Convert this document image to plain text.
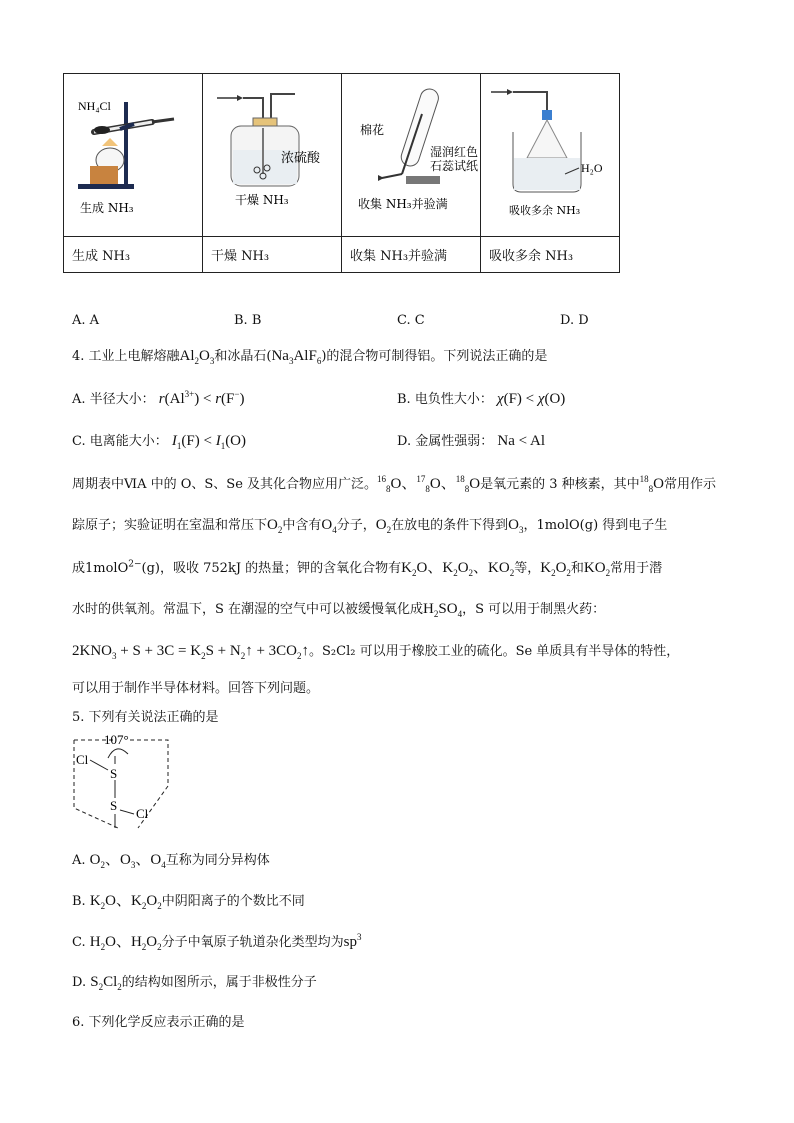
NH₄Cl
生成 NH₃	浓硫酸
干燥 NH₃	棉花
湿润红色
石蕊试纸
收集 NH₃并验满	H₂O
吸收多余 NH₃

生成 NH₃	干燥 NH₃	收集 NH₃并验满	吸收多余 NH₃
A. A	B. B	C. C	D. D
4. 工业上电解熔融$Al_2O_3$和冰晶石$(Na_3AlF_6)$的混合物可制得铝。下列说法正确的是
A. 半径大小： $r(Al^{3+}) < r(F^-)$	B. 电负性大小： χ(F) < χ(O)
C. 电离能大小： $I_1(F) < I_1(O)$	D. 金属性强弱： Na < Al
周期表中ⅥA 中的 O、S、Se 及其化合物应用广泛。$^{16}_8$O、$^{17}_8$O、$^{18}_8$O是氧元素的 3 种核素，其中$^{18}_8$O常用作示
踪原子；实验证明在室温和常压下$O_2$中含有$O_4$分子，$O_2$在放电的条件下得到$O_3$，1molO(g) 得到电子生
成1molO$^{2-}$(g)，吸收 752kJ 的热量；钾的含氧化合物有$K_2O$、$K_2O_2$、$KO_2$等，$K_2O_2$和$KO_2$常用于潜
水时的供氧剂。常温下，S 在潮湿的空气中可以被缓慢氧化成$H_2SO_4$，S 可以用于制黑火药：
$2KNO_3 + S + 3C = K_2S$ + $N_2↑$ + $3CO_2↑$。S₂Cl₂ 可以用于橡胶工业的硫化。Se 单质具有半导体的特性，
可以用于制作半导体材料。回答下列问题。
5. 下列有关说法正确的是
107°
Cl
S
S
Cl
A. $O_2$、$O_3$、$O_4$互称为同分异构体
B. $K_2O$、$K_2O_2$中阴阳离子的个数比不同
C. $H_2O$、$H_2O_2$分子中氧原子轨道杂化类型均为$sp^3$
D. $S_2Cl_2$的结构如图所示，属于非极性分子
6. 下列化学反应表示正确的是
